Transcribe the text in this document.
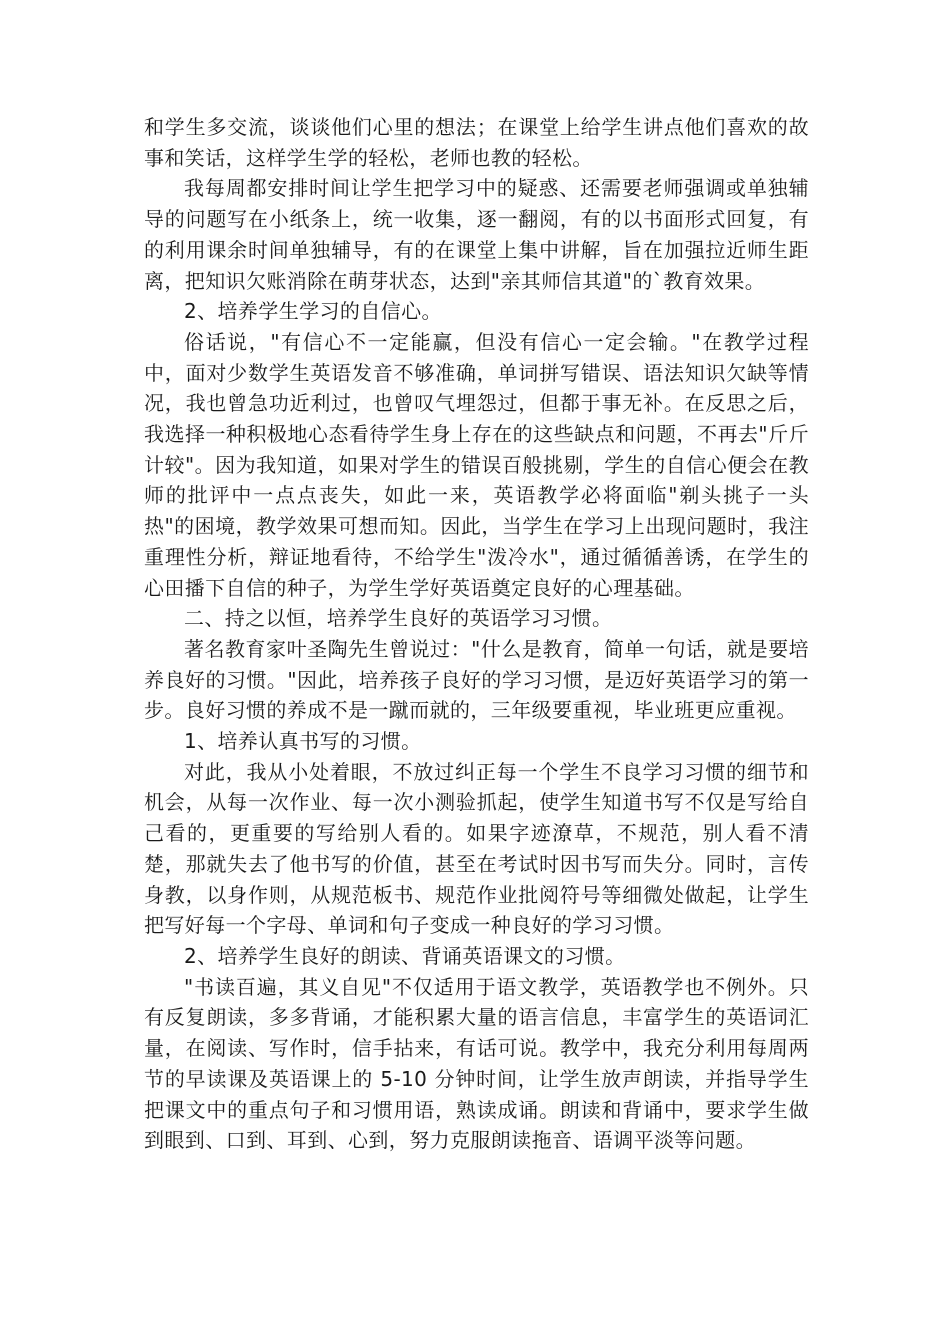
和学生多交流，谈谈他们心里的想法；在课堂上给学生讲点他们喜欢的故事和笑话，这样学生学的轻松，老师也教的轻松。

我每周都安排时间让学生把学习中的疑惑、还需要老师强调或单独辅导的问题写在小纸条上，统一收集，逐一翻阅，有的以书面形式回复，有的利用课余时间单独辅导，有的在课堂上集中讲解，旨在加强拉近师生距离，把知识欠账消除在萌芽状态，达到"亲其师信其道"的`教育效果。

2、培养学生学习的自信心。

俗话说，"有信心不一定能赢，但没有信心一定会输。"在教学过程中，面对少数学生英语发音不够准确，单词拼写错误、语法知识欠缺等情况，我也曾急功近利过，也曾叹气埋怨过，但都于事无补。在反思之后，我选择一种积极地心态看待学生身上存在的这些缺点和问题，不再去"斤斤计较"。因为我知道，如果对学生的错误百般挑剔，学生的自信心便会在教师的批评中一点点丧失，如此一来，英语教学必将面临"剃头挑子一头热"的困境，教学效果可想而知。因此，当学生在学习上出现问题时，我注重理性分析，辩证地看待，不给学生"泼冷水"，通过循循善诱，在学生的心田播下自信的种子，为学生学好英语奠定良好的心理基础。

二、持之以恒，培养学生良好的英语学习习惯。

著名教育家叶圣陶先生曾说过："什么是教育，简单一句话，就是要培养良好的习惯。"因此，培养孩子良好的学习习惯，是迈好英语学习的第一步。良好习惯的养成不是一蹴而就的，三年级要重视，毕业班更应重视。

1、培养认真书写的习惯。

对此，我从小处着眼，不放过纠正每一个学生不良学习习惯的细节和机会，从每一次作业、每一次小测验抓起，使学生知道书写不仅是写给自己看的，更重要的写给别人看的。如果字迹潦草，不规范，别人看不清楚，那就失去了他书写的价值，甚至在考试时因书写而失分。同时，言传身教，以身作则，从规范板书、规范作业批阅符号等细微处做起，让学生把写好每一个字母、单词和句子变成一种良好的学习习惯。

2、培养学生良好的朗读、背诵英语课文的习惯。

"书读百遍，其义自见"不仅适用于语文教学，英语教学也不例外。只有反复朗读，多多背诵，才能积累大量的语言信息，丰富学生的英语词汇量，在阅读、写作时，信手拈来，有话可说。教学中，我充分利用每周两节的早读课及英语课上的 5-10 分钟时间，让学生放声朗读，并指导学生把课文中的重点句子和习惯用语，熟读成诵。朗读和背诵中，要求学生做到眼到、口到、耳到、心到，努力克服朗读拖音、语调平淡等问题。
